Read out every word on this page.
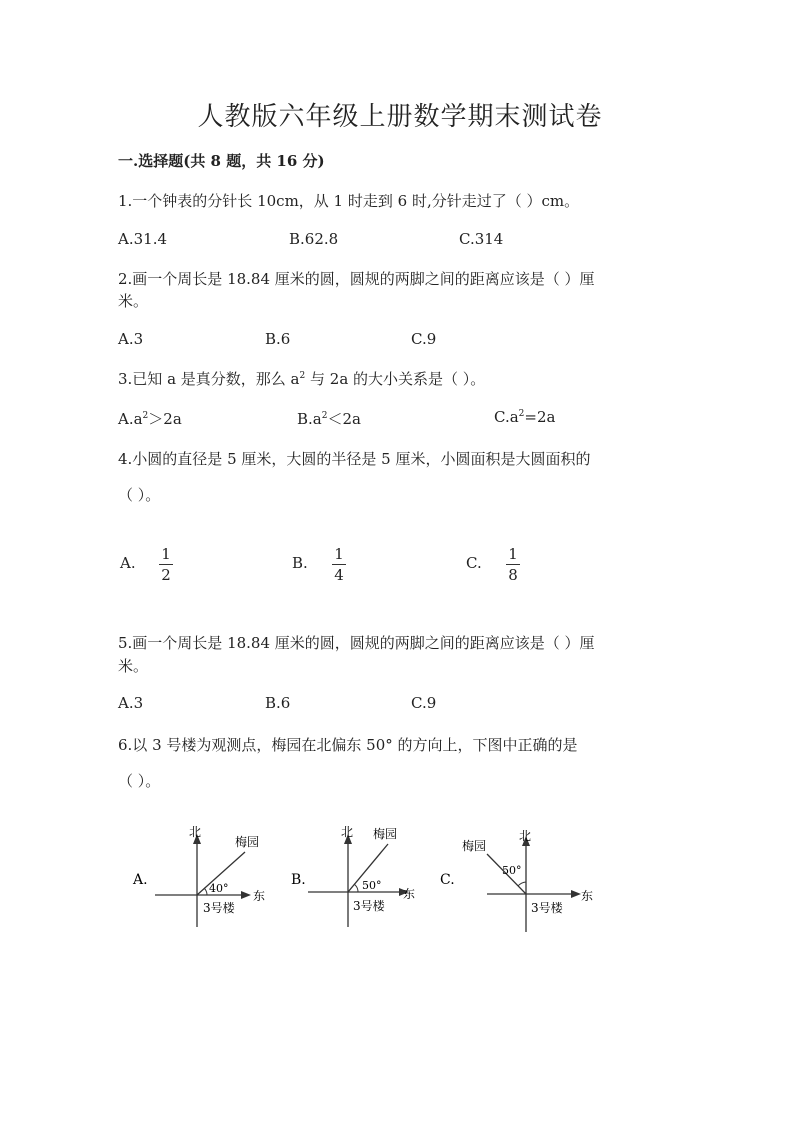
人教版六年级上册数学期末测试卷
一.选择题(共 8 题，共 16 分)
1.一个钟表的分针长 10cm，从 1 时走到 6 时,分针走过了（ ）cm。
A.31.4	B.62.8	C.314
2.画一个周长是 18.84 厘米的圆，圆规的两脚之间的距离应该是（ ）厘
米。
A.3	B.6	C.9
3.已知 a 是真分数，那么 $a^2$ 与 2a 的大小关系是（ ）。
$A.a^2>2a$	$B.a^2<2a$	$C.a^2=2a$
4.小圆的直径是 5 厘米，大圆的半径是 5 厘米，小圆面积是大圆面积的
（ ）。
A. 1
2
B. 1
4
C. 1
8
5.画一个周长是 18.84 厘米的圆，圆规的两脚之间的距离应该是（ ）厘
米。
A.3	B.6	C.9
6.以 3 号楼为观测点，梅园在北偏东 50° 的方向上，下图中正确的是
（ ）。
A.
北
梅园
40°
东
3号楼
B.
北 梅园
50°
东
3号楼
C.
北
梅园
50°
东
3号楼
